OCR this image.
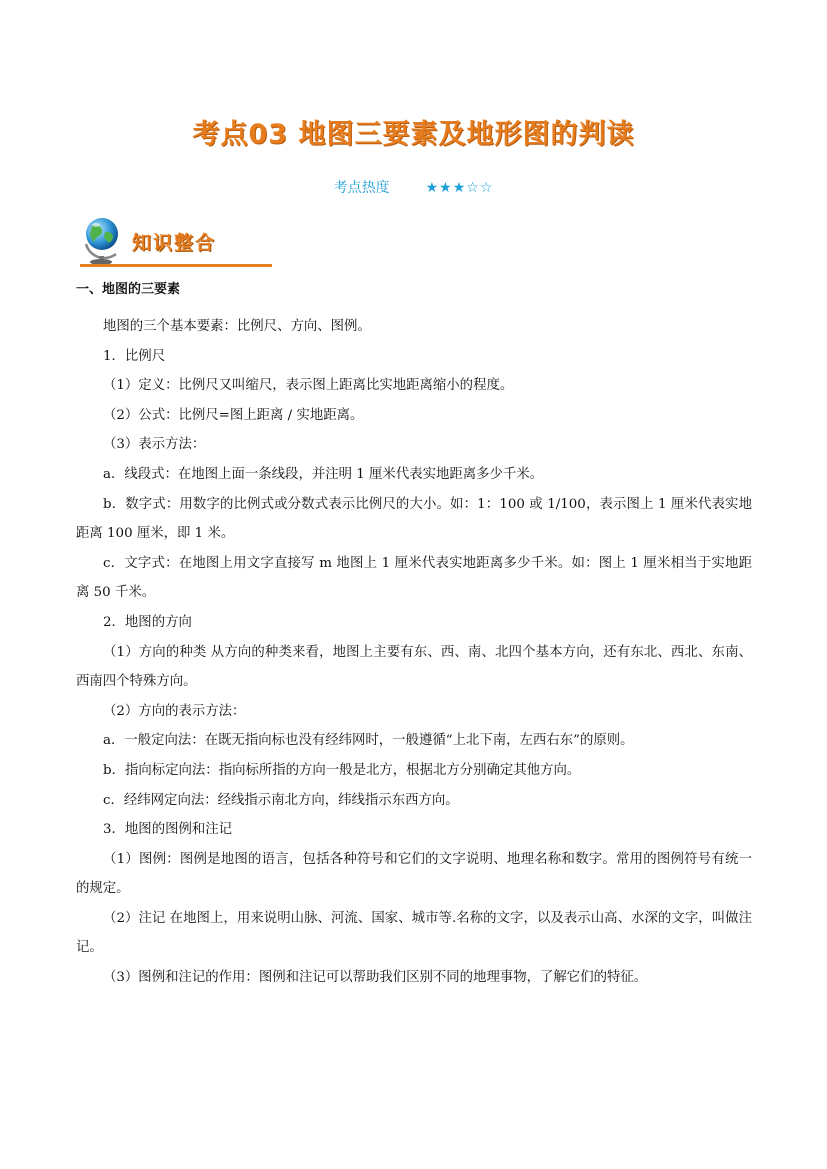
考点03 地图三要素及地形图的判读
考点热度	★★★☆☆
知识整合
一、地图的三要素

地图的三个基本要素：比例尺、方向、图例。

1．比例尺

（1）定义：比例尺又叫缩尺，表示图上距离比实地距离缩小的程度。

（2）公式：比例尺=图上距离 / 实地距离。

（3）表示方法：

a．线段式：在地图上面一条线段，并注明 1 厘米代表实地距离多少千米。

b．数字式：用数字的比例式或分数式表示比例尺的大小。如：1：100 或 1/100，表示图上 1 厘米代表实地距离 100 厘米，即 1 米。

c．文字式：在地图上用文字直接写 m 地图上 1 厘米代表实地距离多少千米。如：图上 1 厘米相当于实地距离 50 千米。

2．地图的方向

（1）方向的种类 从方向的种类来看，地图上主要有东、西、南、北四个基本方向，还有东北、西北、东南、西南四个特殊方向。

（2）方向的表示方法：

a．一般定向法：在既无指向标也没有经纬网时，一般遵循“上北下南，左西右东”的原则。

b．指向标定向法：指向标所指的方向一般是北方，根据北方分别确定其他方向。

c．经纬网定向法：经线指示南北方向，纬线指示东西方向。

3．地图的图例和注记

（1）图例：图例是地图的语言，包括各种符号和它们的文字说明、地理名称和数字。常用的图例符号有统一的规定。

（2）注记 在地图上，用来说明山脉、河流、国家、城市等.名称的文字，以及表示山高、水深的文字，叫做注记。

（3）图例和注记的作用：图例和注记可以帮助我们区别不同的地理事物，了解它们的特征。
